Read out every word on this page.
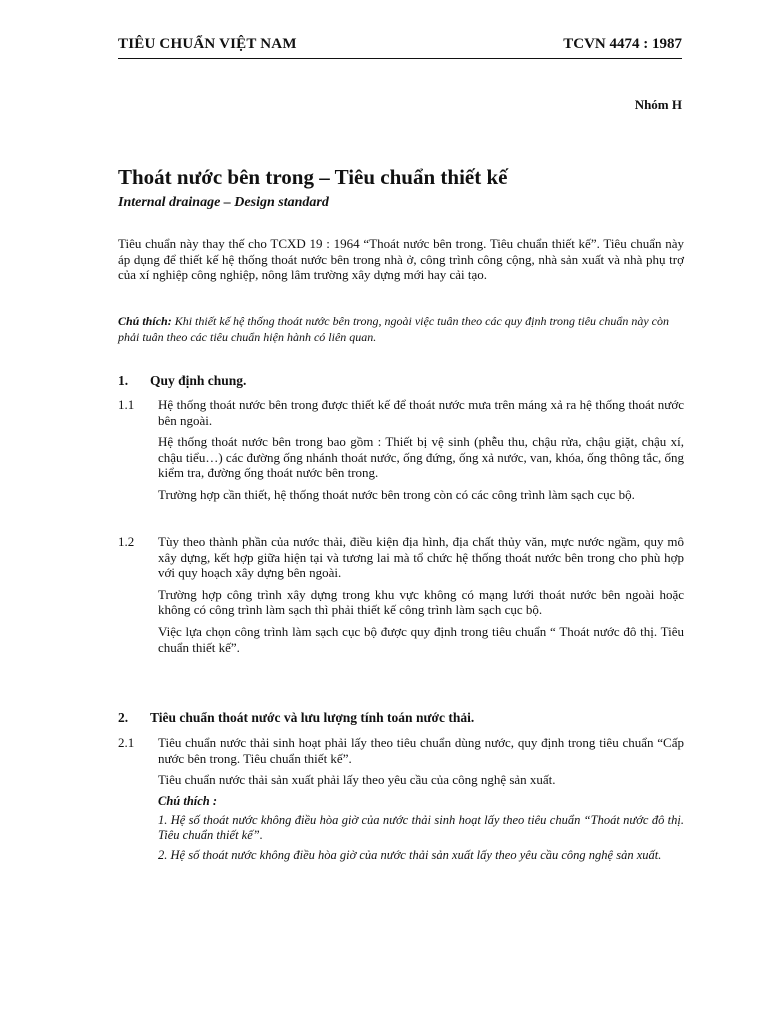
TIÊU CHUẨN VIỆT NAM	TCVN 4474 : 1987
Nhóm H
Thoát nước bên trong – Tiêu chuẩn thiết kế
Internal drainage – Design standard
Tiêu chuẩn này thay thế cho TCXD 19 : 1964 “Thoát nước bên trong. Tiêu chuẩn thiết kế”. Tiêu chuẩn này áp dụng để thiết kế hệ thống thoát nước bên trong nhà ở, công trình công cộng, nhà sản xuất và nhà phụ trợ của xí nghiệp công nghiệp, nông lâm trường xây dựng mới hay cải tạo.
Chú thích: Khi thiết kế hệ thống thoát nước bên trong, ngoài việc tuân theo các quy định trong tiêu chuẩn này còn phải tuân theo các tiêu chuẩn hiện hành có liên quan.
1. Quy định chung.
1.1 Hệ thống thoát nước bên trong được thiết kế để thoát nước mưa trên máng xả ra hệ thống thoát nước bên ngoài.

Hệ thống thoát nước bên trong bao gồm : Thiết bị vệ sinh (phễu thu, chậu rửa, chậu giặt, chậu xí, chậu tiểu…) các đường ống nhánh thoát nước, ống đứng, ống xả nước, van, khóa, ống thông tắc, ống kiểm tra, đường ống thoát nước bên trong.

Trường hợp cần thiết, hệ thống thoát nước bên trong còn có các công trình làm sạch cục bộ.

1.2 Tùy theo thành phần của nước thải, điều kiện địa hình, địa chất thủy văn, mực nước ngầm, quy mô xây dựng, kết hợp giữa hiện tại và tương lai mà tổ chức hệ thống thoát nước bên trong cho phù hợp với quy hoạch xây dựng bên ngoài.

Trường hợp công trình xây dựng trong khu vực không có mạng lưới thoát nước bên ngoài hoặc không có công trình làm sạch thì phải thiết kế công trình làm sạch cục bộ.

Việc lựa chọn công trình làm sạch cục bộ được quy định trong tiêu chuẩn “ Thoát nước đô thị. Tiêu chuẩn thiết kế”.

2. Tiêu chuẩn thoát nước và lưu lượng tính toán nước thải.
2.1 Tiêu chuẩn nước thải sinh hoạt phải lấy theo tiêu chuẩn dùng nước, quy định trong tiêu chuẩn “Cấp nước bên trong. Tiêu chuẩn thiết kế”.

Tiêu chuẩn nước thải sản xuất phải lấy theo yêu cầu của công nghệ sản xuất.

Chú thích :

1. Hệ số thoát nước không điều hòa giờ của nước thải sinh hoạt lấy theo tiêu chuẩn “Thoát nước đô thị. Tiêu chuẩn thiết kế”.

2. Hệ số thoát nước không điều hòa giờ của nước thải sản xuất lấy theo yêu cầu công nghệ sản xuất.
